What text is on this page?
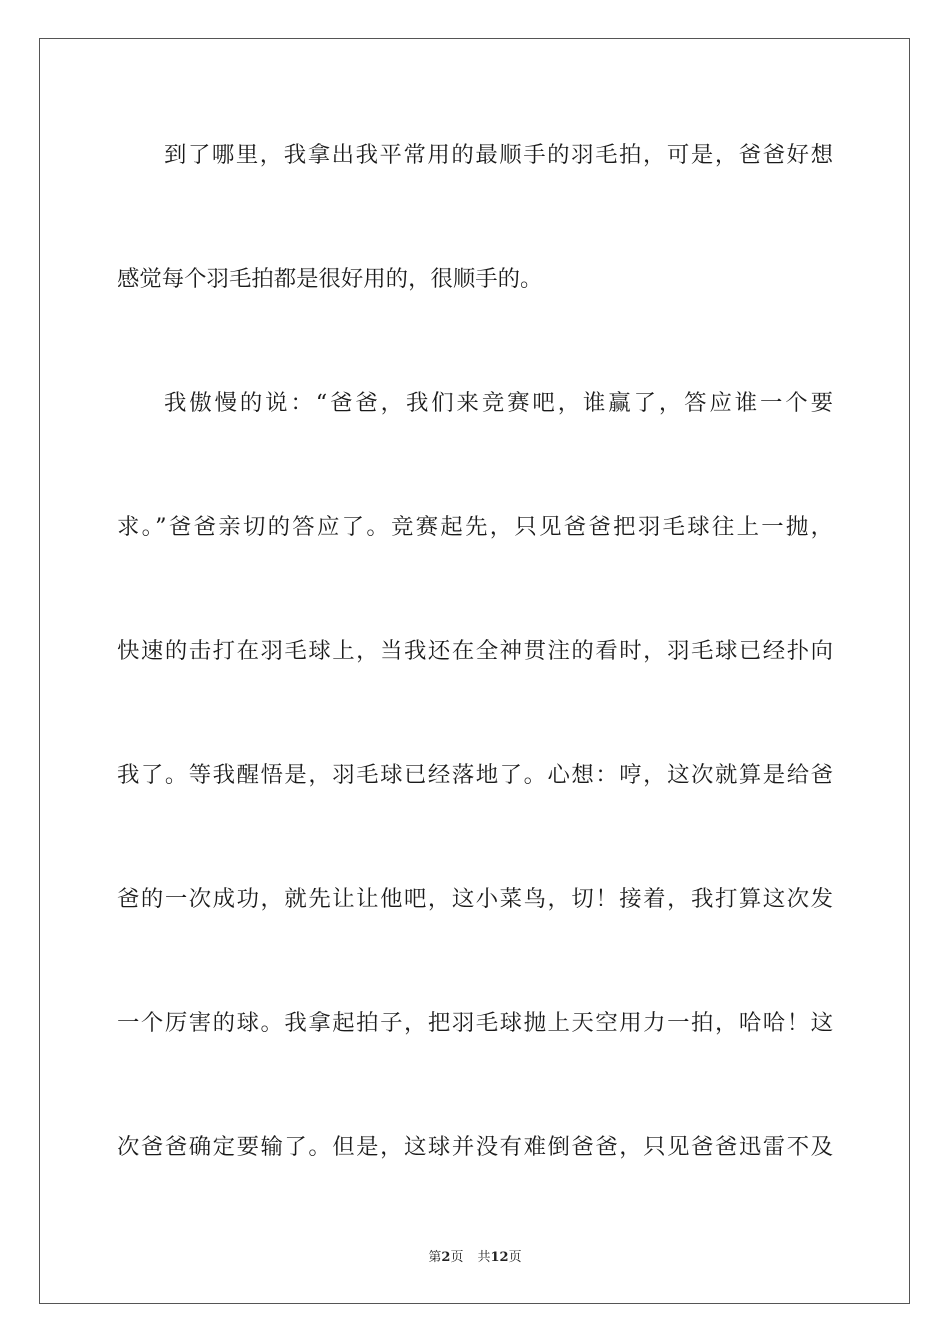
到了哪里，我拿出我平常用的最顺手的羽毛拍，可是，爸爸好想
感觉每个羽毛拍都是很好用的，很顺手的。
我傲慢的说：“爸爸，我们来竞赛吧，谁赢了，答应谁一个要
求。”爸爸亲切的答应了。竞赛起先，只见爸爸把羽毛球往上一抛，
快速的击打在羽毛球上，当我还在全神贯注的看时，羽毛球已经扑向
我了。等我醒悟是，羽毛球已经落地了。心想：哼，这次就算是给爸
爸的一次成功，就先让让他吧，这小菜鸟，切！接着，我打算这次发
一个厉害的球。我拿起拍子，把羽毛球抛上天空用力一拍，哈哈！这
次爸爸确定要输了。但是，这球并没有难倒爸爸，只见爸爸迅雷不及
第2页 共12页
